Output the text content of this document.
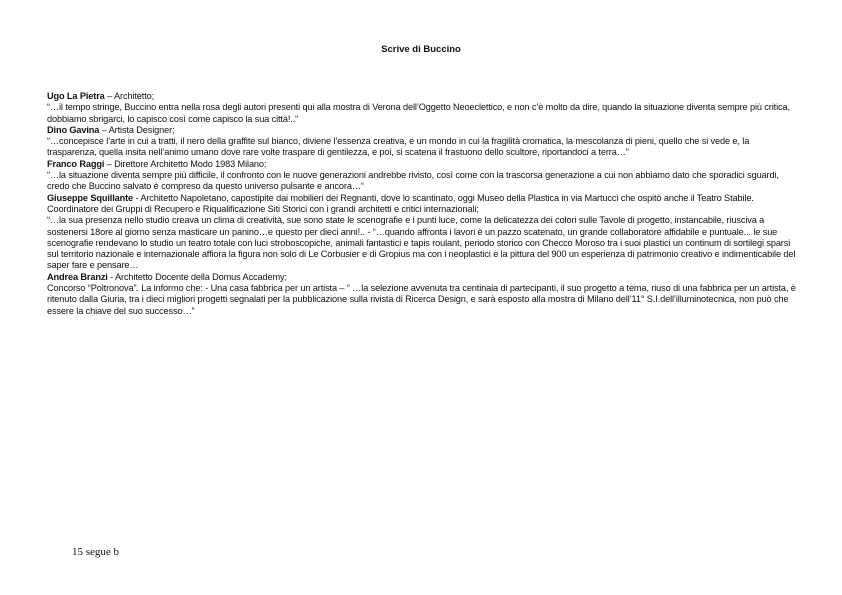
Scrive di Buccino

Ugo La Pietra – Architetto;

“…il tempo stringe, Buccino entra nella rosa degli autori presenti qui alla mostra di Verona dell’Oggetto Neoeclettico, e non c’è molto da dire, quando la situazione diventa sempre più critica, dobbiamo sbrigarci, lo capisco così come capisco la sua città!..“

Dino Gavina – Artista Designer;

“…concepisce l’arte in cui a tratti, il nero della graffite sul bianco, diviene l’essenza creativa, e un mondo in cui la fragilità cromatica, la mescolanza di pieni, quello che si vede e, la trasparenza, quella insita nell’animo umano dove rare volte traspare di gentilezza, e poi, si scatena il frastuono dello scultore, riportandoci a terra…”

Franco Raggi – Direttore Architetto Modo 1983 Milano;

“…la situazione diventa sempre più difficile, il confronto con le nuove generazioni andrebbe rivisto, così come con la trascorsa generazione a cui non abbiamo dato che sporadici sguardi, credo che Buccino salvato è compreso da questo universo pulsante e ancora…“

Giuseppe Squillante - Architetto Napoletano, capostipite dai mobilieri dei Regnanti, dove lo scantinato, oggi Museo della Plastica in via Martucci che ospitò anche il Teatro Stabile. Coordinatore dei Gruppi di Recupero e Riqualificazione Siti Storici con i grandi architetti e critici internazionali;

“…la sua presenza nello studio creava un clima di creatività, sue sono state le scenografie e i punti luce, come la delicatezza dei colori sulle Tavole di progetto, instancabile, riusciva a sostenersi 18ore al giorno senza masticare un panino…e questo per dieci anni!.. - “…quando affronta i lavori è un pazzo scatenato, un grande collaboratore affidabile e puntuale... le sue scenografie rendevano lo studio un teatro totale con luci stroboscopiche, animali fantastici e tapis roulant, periodo storico con Checco Moroso tra i suoi plastici un continum di sortilegi sparsi sul territorio nazionale e internazionale affiora la figura non solo di Le Corbusier e di Gropius ma con i neoplastici e la pittura del 900 un esperienza di patrimonio creativo e indimenticabile del saper fare e pensare…

Andrea Branzi - Architetto Docente della Domus Accademy;

Concorso “Poltronova”. La informo che: - Una casa fabbrica per un artista – “ …la selezione avvenuta tra centinaia di partecipanti, il suo progetto a tema, riuso di una fabbrica per un artista, è ritenuto dalla Giuria, tra i dieci migliori progetti segnalati per la pubblicazione sulla rivista di Ricerca Design, e sarà esposto alla mostra di Milano dell’11° S.I.dell’illuminotecnica, non può che essere la chiave del suo successo…”

15 segue b
